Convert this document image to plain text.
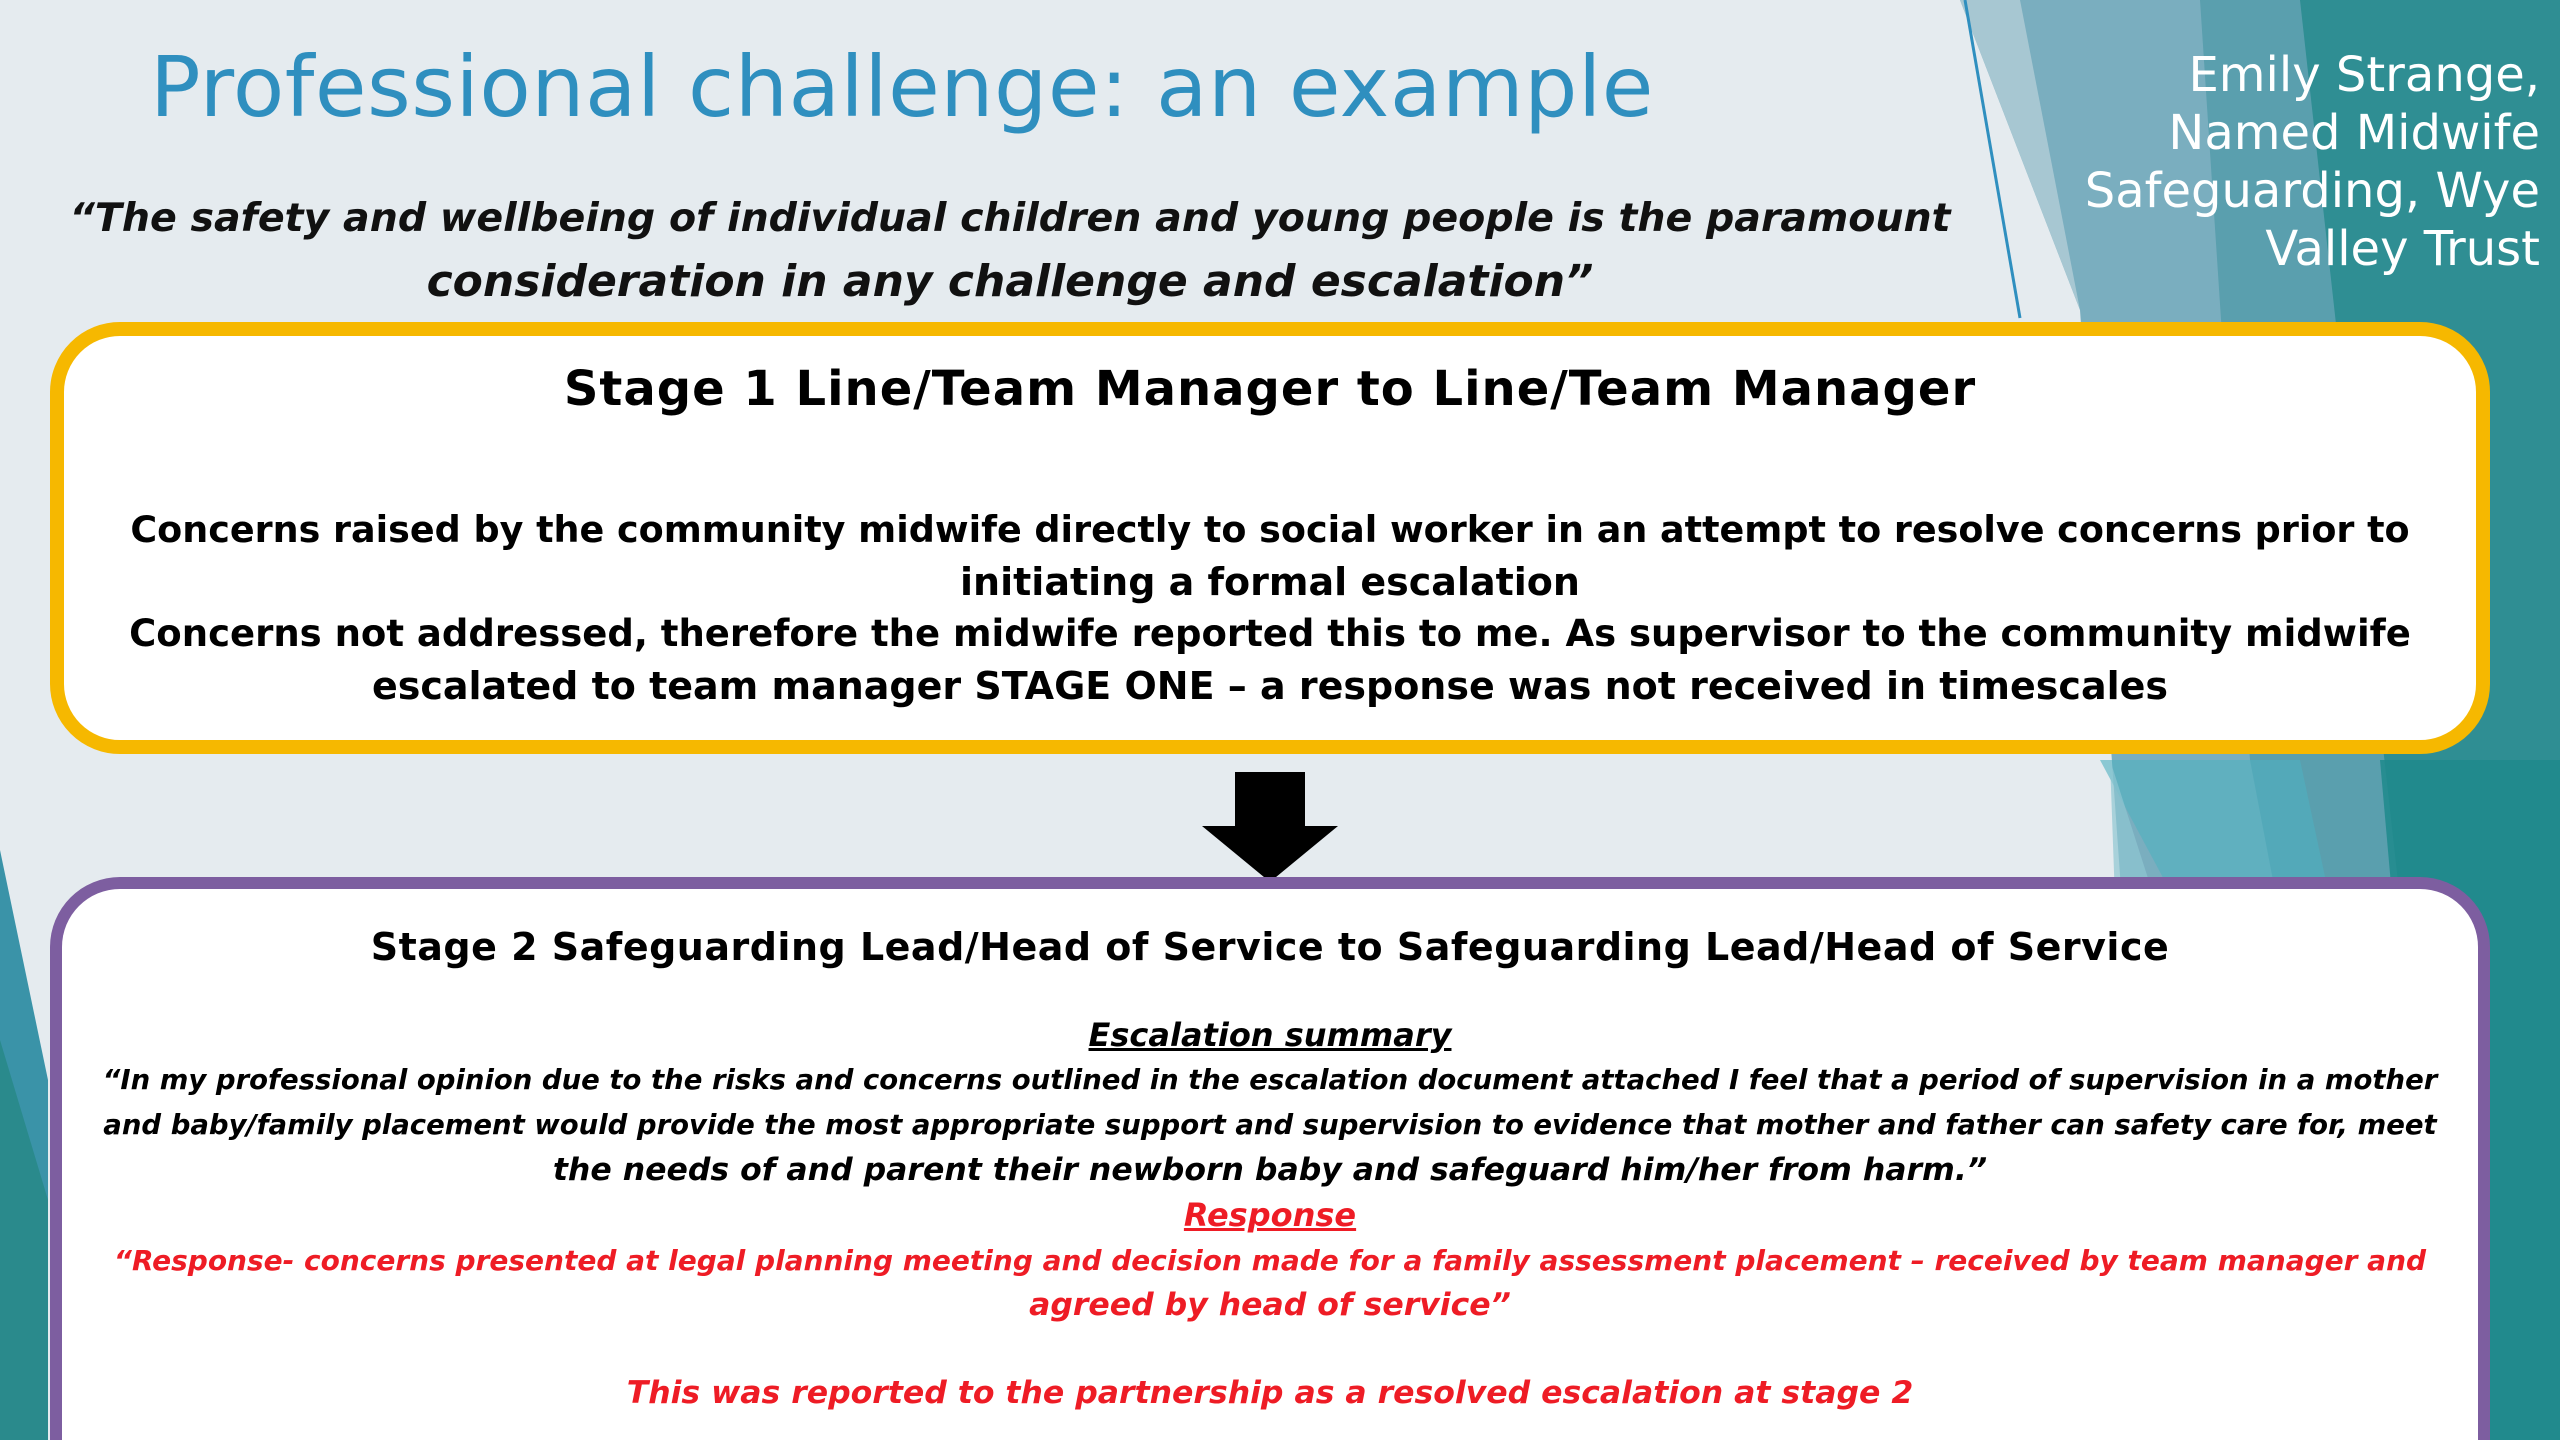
Professional challenge: an example	Emily Strange,
Named Midwife
Safeguarding, Wye
Valley Trust
“The safety and wellbeing of individual children and young people is the paramount
consideration in any challenge and escalation”
Stage 1 Line/Team Manager to Line/Team Manager
Concerns raised by the community midwife directly to social worker in an attempt to resolve concerns prior to
initiating a formal escalation
Concerns not addressed, therefore the midwife reported this to me. As supervisor to the community midwife
escalated to team manager STAGE ONE – a response was not received in timescales
Stage 2 Safeguarding Lead/Head of Service to Safeguarding Lead/Head of Service
Escalation summary
“In my professional opinion due to the risks and concerns outlined in the escalation document attached I feel that a period of supervision in a mother
and baby/family placement would provide the most appropriate support and supervision to evidence that mother and father can safety care for, meet
the needs of and parent their newborn baby and safeguard him/her from harm.”
Response
“Response- concerns presented at legal planning meeting and decision made for a family assessment placement – received by team manager and
agreed by head of service”
This was reported to the partnership as a resolved escalation at stage 2
